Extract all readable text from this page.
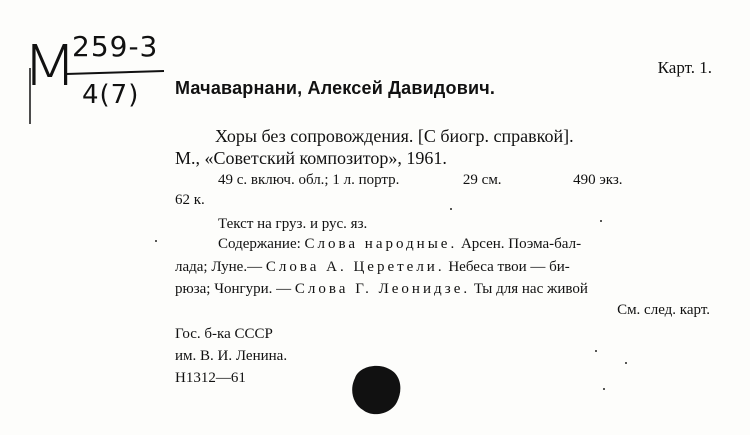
М
259-3
4(7)
Карт. 1.
Мачаварнани, Алексей Давидович.
Хоры без сопровождения. [С биогр. справкой].
М., «Советский композитор», 1961.
49 с. включ. обл.; 1 л. портр.	29 см.	490 экз.
62 к.
Текст на груз. и рус. яз.
Содержание: Слова народные. Арсен. Поэма-бал-
лада; Луне.— Слова А. Церетели. Небеса твои — би-
рюза; Чонгури. — Слова Г. Леонидзе. Ты для нас живой
См. след. карт.
Гос. б-ка СССР
им. В. И. Ленина.
Н1312—61
